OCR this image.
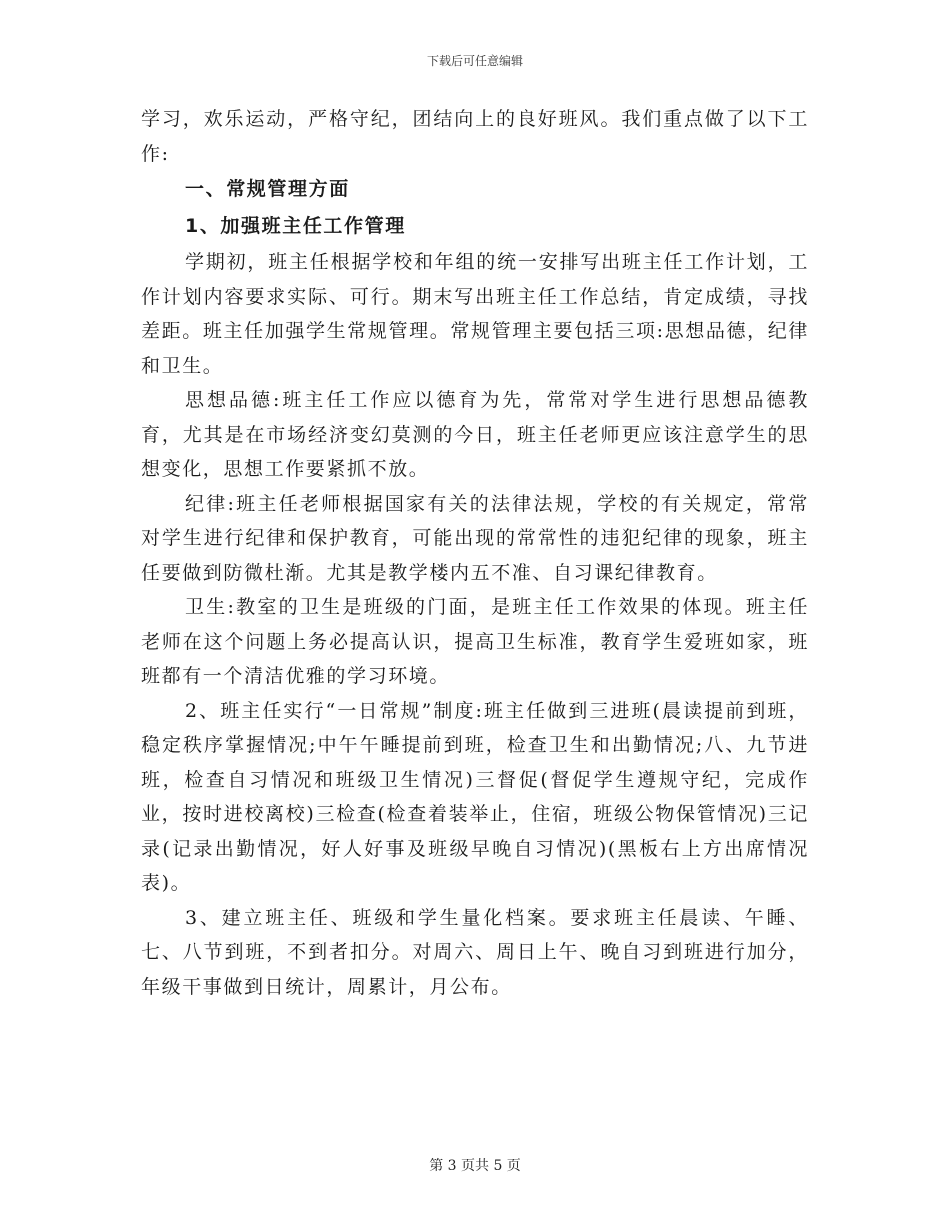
下载后可任意编辑

学习，欢乐运动，严格守纪，团结向上的良好班风。我们重点做了以下工作:

一、常规管理方面

1、加强班主任工作管理

学期初，班主任根据学校和年组的统一安排写出班主任工作计划，工作计划内容要求实际、可行。期末写出班主任工作总结，肯定成绩，寻找差距。班主任加强学生常规管理。常规管理主要包括三项:思想品德，纪律和卫生。

思想品德:班主任工作应以德育为先，常常对学生进行思想品德教育，尤其是在市场经济变幻莫测的今日，班主任老师更应该注意学生的思想变化，思想工作要紧抓不放。

纪律:班主任老师根据国家有关的法律法规，学校的有关规定，常常对学生进行纪律和保护教育，可能出现的常常性的违犯纪律的现象，班主任要做到防微杜渐。尤其是教学楼内五不准、自习课纪律教育。

卫生:教室的卫生是班级的门面，是班主任工作效果的体现。班主任老师在这个问题上务必提高认识，提高卫生标准，教育学生爱班如家，班班都有一个清洁优雅的学习环境。

2、班主任实行“一日常规”制度:班主任做到三进班(晨读提前到班，稳定秩序掌握情况;中午午睡提前到班，检查卫生和出勤情况;八、九节进班，检查自习情况和班级卫生情况)三督促(督促学生遵规守纪，完成作业，按时进校离校)三检查(检查着装举止，住宿，班级公物保管情况)三记录(记录出勤情况，好人好事及班级早晚自习情况)(黑板右上方出席情况表)。

3、建立班主任、班级和学生量化档案。要求班主任晨读、午睡、七、八节到班，不到者扣分。对周六、周日上午、晚自习到班进行加分，年级干事做到日统计，周累计，月公布。

第 3 页共 5 页
